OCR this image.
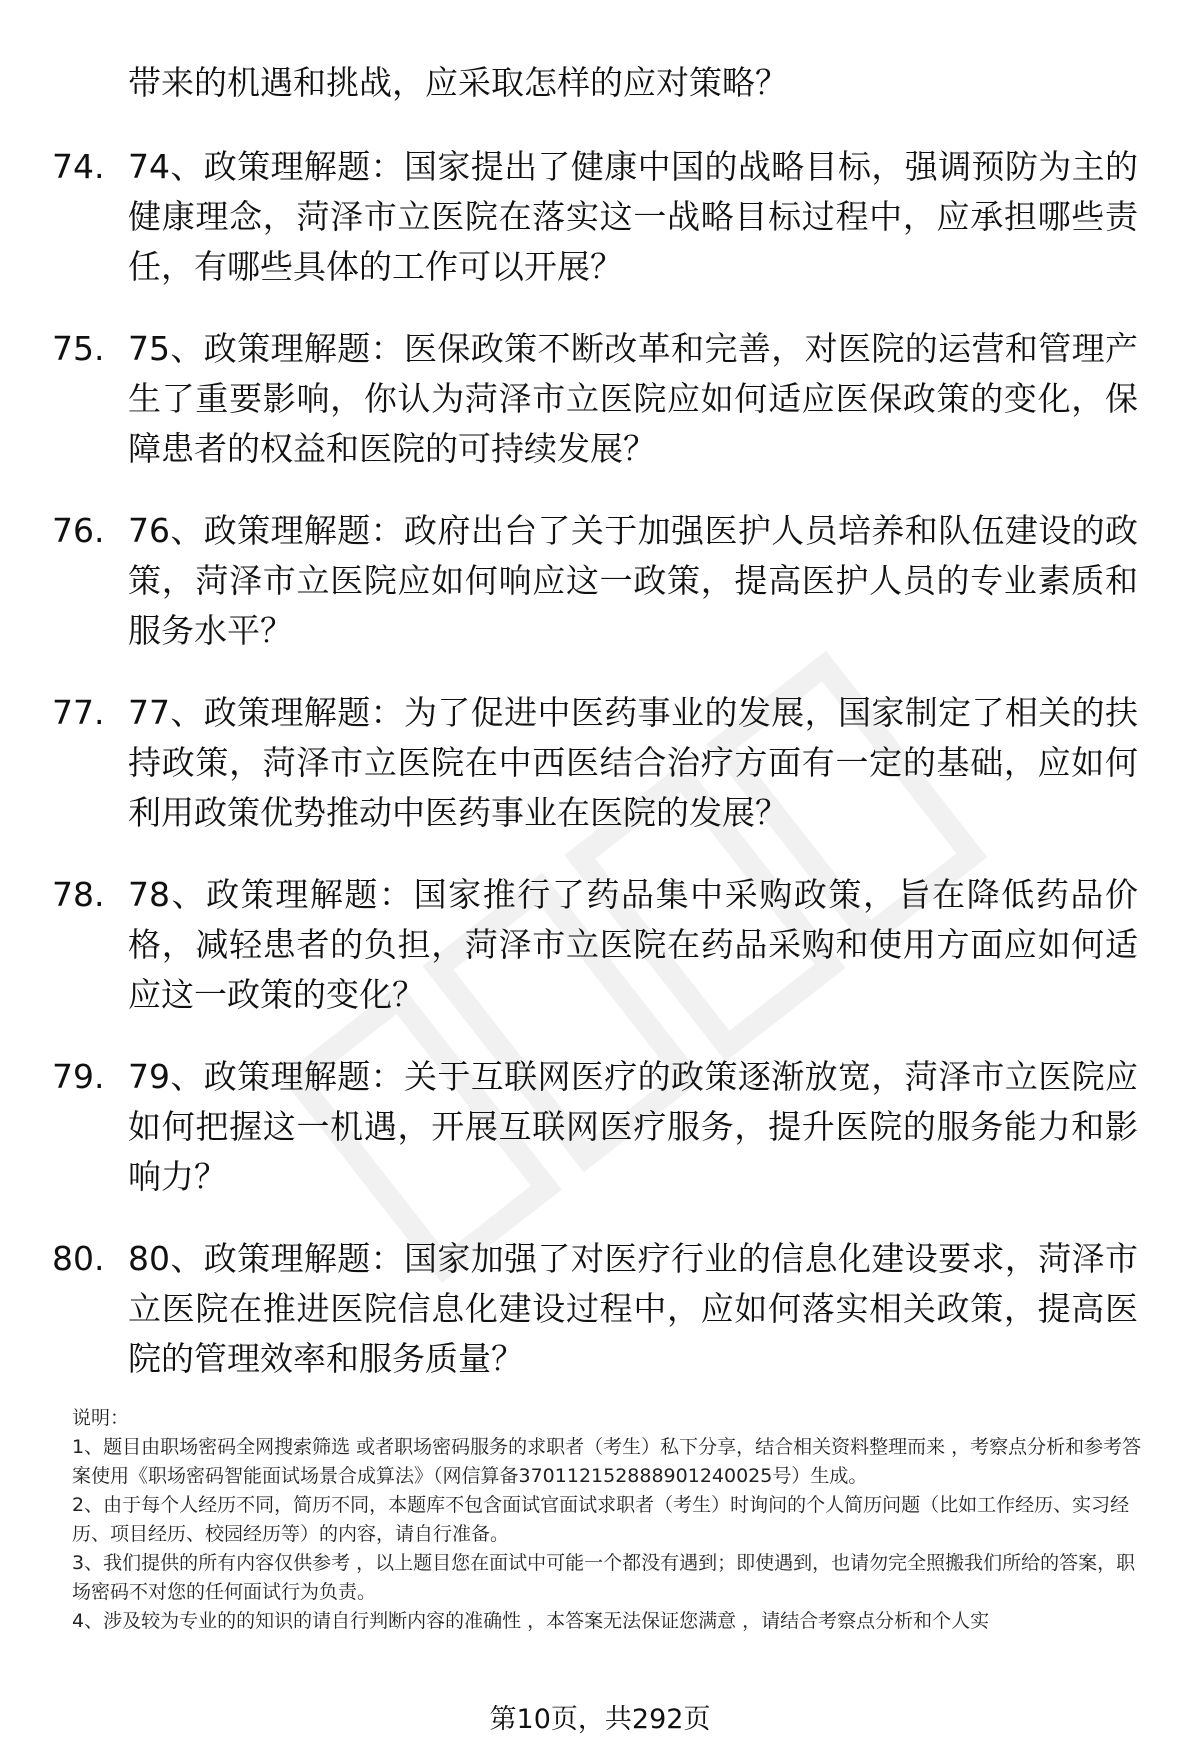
带来的机遇和挑战，应采取怎样的应对策略？
74. 74、政策理解题：国家提出了健康中国的战略目标，强调预防为主的健康理念，菏泽市立医院在落实这一战略目标过程中，应承担哪些责任，有哪些具体的工作可以开展？
75. 75、政策理解题：医保政策不断改革和完善，对医院的运营和管理产生了重要影响，你认为菏泽市立医院应如何适应医保政策的变化，保障患者的权益和医院的可持续发展？
76. 76、政策理解题：政府出台了关于加强医护人员培养和队伍建设的政策，菏泽市立医院应如何响应这一政策，提高医护人员的专业素质和服务水平？
77. 77、政策理解题：为了促进中医药事业的发展，国家制定了相关的扶持政策，菏泽市立医院在中西医结合治疗方面有一定的基础，应如何利用政策优势推动中医药事业在医院的发展？
78. 78、政策理解题：国家推行了药品集中采购政策，旨在降低药品价格，减轻患者的负担，菏泽市立医院在药品采购和使用方面应如何适应这一政策的变化？
79. 79、政策理解题：关于互联网医疗的政策逐渐放宽，菏泽市立医院应如何把握这一机遇，开展互联网医疗服务，提升医院的服务能力和影响力？
80. 80、政策理解题：国家加强了对医疗行业的信息化建设要求，菏泽市立医院在推进医院信息化建设过程中，应如何落实相关政策，提高医院的管理效率和服务质量？

说明：

1、题目由职场密码全网搜索筛选 或者职场密码服务的求职者（考生）私下分享，结合相关资料整理而来 ，考察点分析和参考答案使用《职场密码智能面试场景合成算法》（网信算备370112152888901240025号）生成。

2、由于每个人经历不同，简历不同，本题库不包含面试官面试求职者（考生）时询问的个人简历问题（比如工作经历、实习经历、项目经历、校园经历等）的内容，请自行准备。

3、我们提供的所有内容仅供参考 ，以上题目您在面试中可能一个都没有遇到；即使遇到，也请勿完全照搬我们所给的答案，职场密码不对您的任何面试行为负责。

4、涉及较为专业的的知识的请自行判断内容的准确性 ，本答案无法保证您满意 ，请结合考察点分析和个人实

第10页，共292页
